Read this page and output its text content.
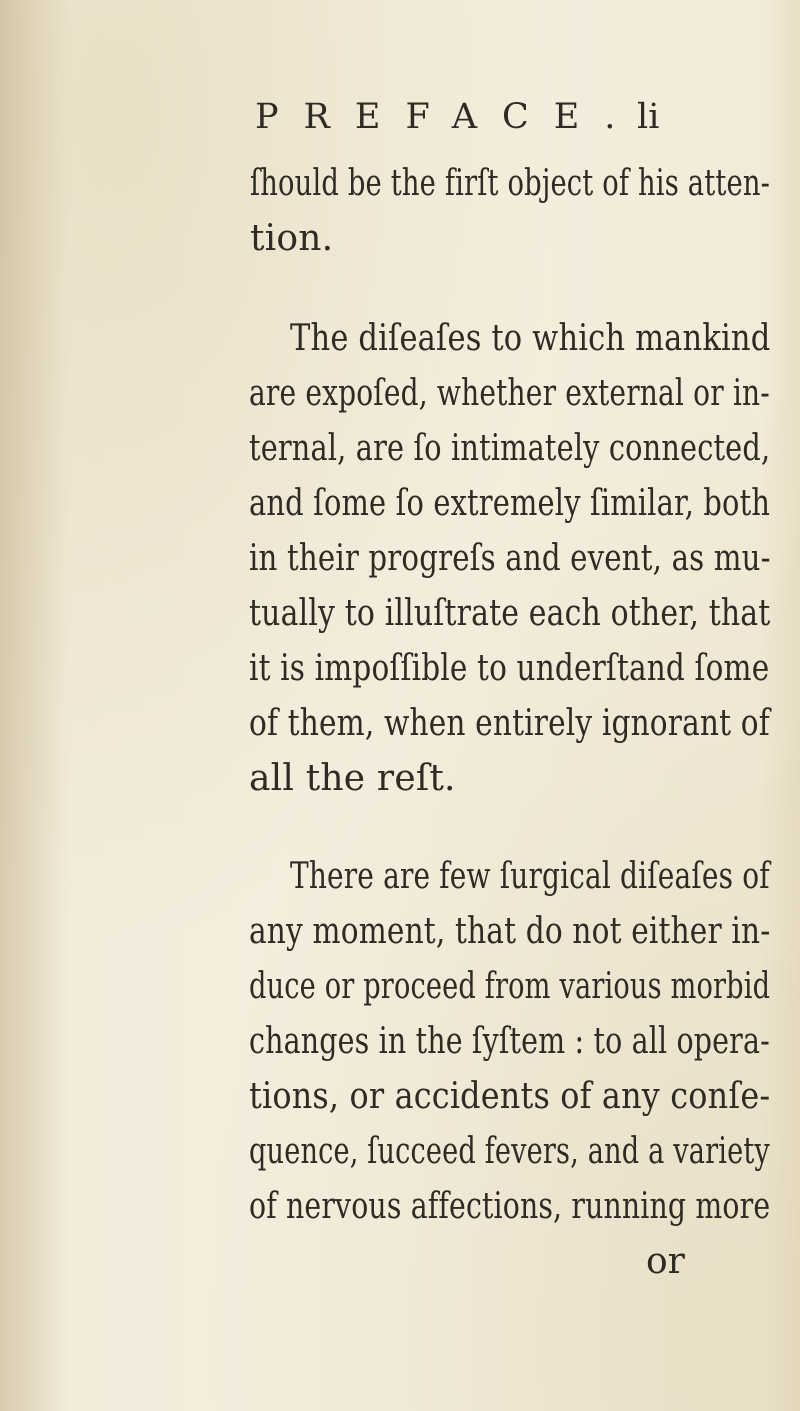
PREFACE.
li
ſhould be the firſt object of his atten-
tion.
The diſeaſes to which mankind
are expoſed, whether external or in-
ternal, are ſo intimately connected,
and ſome ſo extremely ſimilar, both
in their progreſs and event, as mu-
tually to illuſtrate each other, that
it is impoſſible to underſtand ſome
of them, when entirely ignorant of
all the reſt.
There are few ſurgical diſeaſes of
any moment, that do not either in-
duce or proceed from various morbid
changes in the ſyſtem : to all opera-
tions, or accidents of any conſe-
quence, ſucceed fevers, and a variety
of nervous affections, running more
or
